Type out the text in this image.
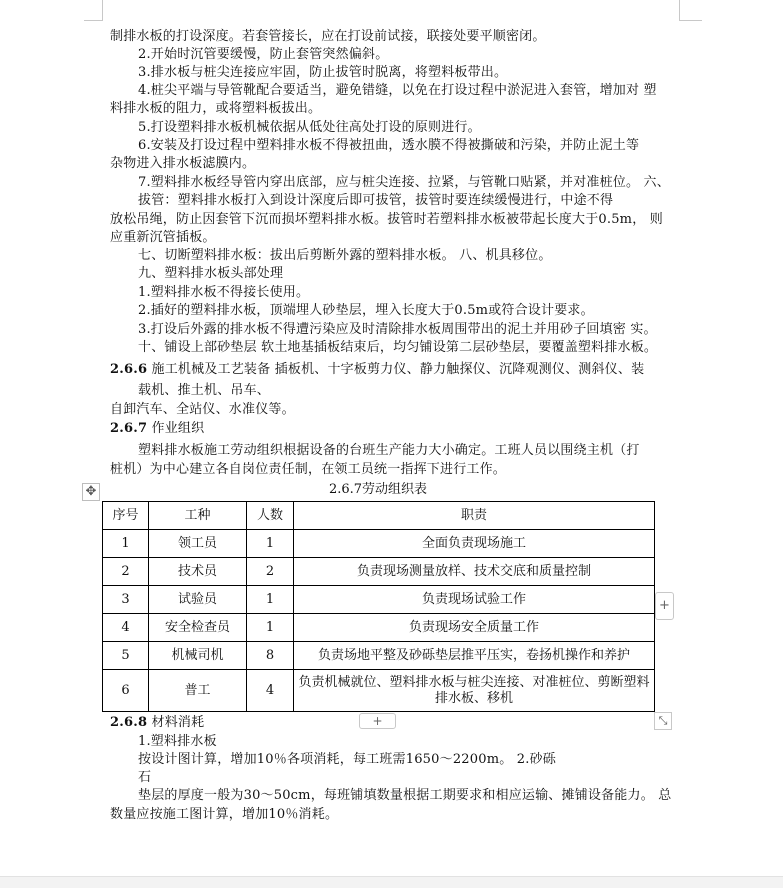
制排水板的打设深度。若套管接长，应在打设前试接，联接处要平顺密闭。
2.开始时沉管要缓慢，防止套管突然偏斜。
3.排水板与桩尖连接应牢固，防止拔管时脱离，将塑料板带出。
4.桩尖平端与导管靴配合要适当，避免错缝，以免在打设过程中淤泥进入套管，增加对 塑
料排水板的阻力，或将塑料板拔出。
5.打设塑料排水板机械依据从低处往高处打设的原则进行。
6.安装及打设过程中塑料排水板不得被扭曲，透水膜不得被撕破和污染，并防止泥土等
杂物进入排水板滤膜内。
7.塑料排水板经导管内穿出底部，应与桩尖连接、拉紧，与管靴口贴紧，并对准桩位。 六、
拔管：塑料排水板打入到设计深度后即可拔管，拔管时要连续缓慢进行，中途不得
放松吊绳，防止因套管下沉而损坏塑料排水板。拔管时若塑料排水板被带起长度大于0.5m， 则
应重新沉管插板。
七、切断塑料排水板：拔出后剪断外露的塑料排水板。 八、机具移位。
九、塑料排水板头部处理
1.塑料排水板不得接长使用。
2.插好的塑料排水板，顶端埋人砂垫层，埋入长度大于0.5m或符合设计要求。
3.打设后外露的排水板不得遭污染应及时清除排水板周围带出的泥土并用砂子回填密 实。
十、铺设上部砂垫层 软土地基插板结束后，均匀铺设第二层砂垫层，要覆盖塑料排水板。
载机、推土机、吊车、
自卸汽车、全站仪、水准仪等。
塑料排水板施工劳动组织根据设备的台班生产能力大小确定。工班人员以围绕主机（打
桩机）为中心建立各自岗位责任制，在领工员统一指挥下进行工作。
1.塑料排水板
按设计图计算，增加10％各项消耗，每工班需1650～2200m。 2.砂砾
石
垫层的厚度一般为30～50cm，每班铺填数量根据工期要求和相应运输、摊铺设备能力。 总
数量应按施工图计算，增加10％消耗。
2.6.6 施工机械及工艺装备 插板机、十字板剪力仪、静力触探仪、沉降观测仪、测斜仪、装
2.6.7 作业组织
2.6.8 材料消耗
✥	2.6.7劳动组织表
序号	工种	人数	职责
1	领工员	1	全面负责现场施工
2	技术员	2	负责现场测量放样、技术交底和质量控制
3	试验员	1	负责现场试验工作
4	安全检查员	1	负责现场安全质量工作
5	机械司机	8	负责场地平整及砂砾垫层推平压实，卷扬机操作和养护
6	普工	4	负责机械就位、塑料排水板与桩尖连接、对准桩位、剪断塑料排水板、移机
+
+	⤡
